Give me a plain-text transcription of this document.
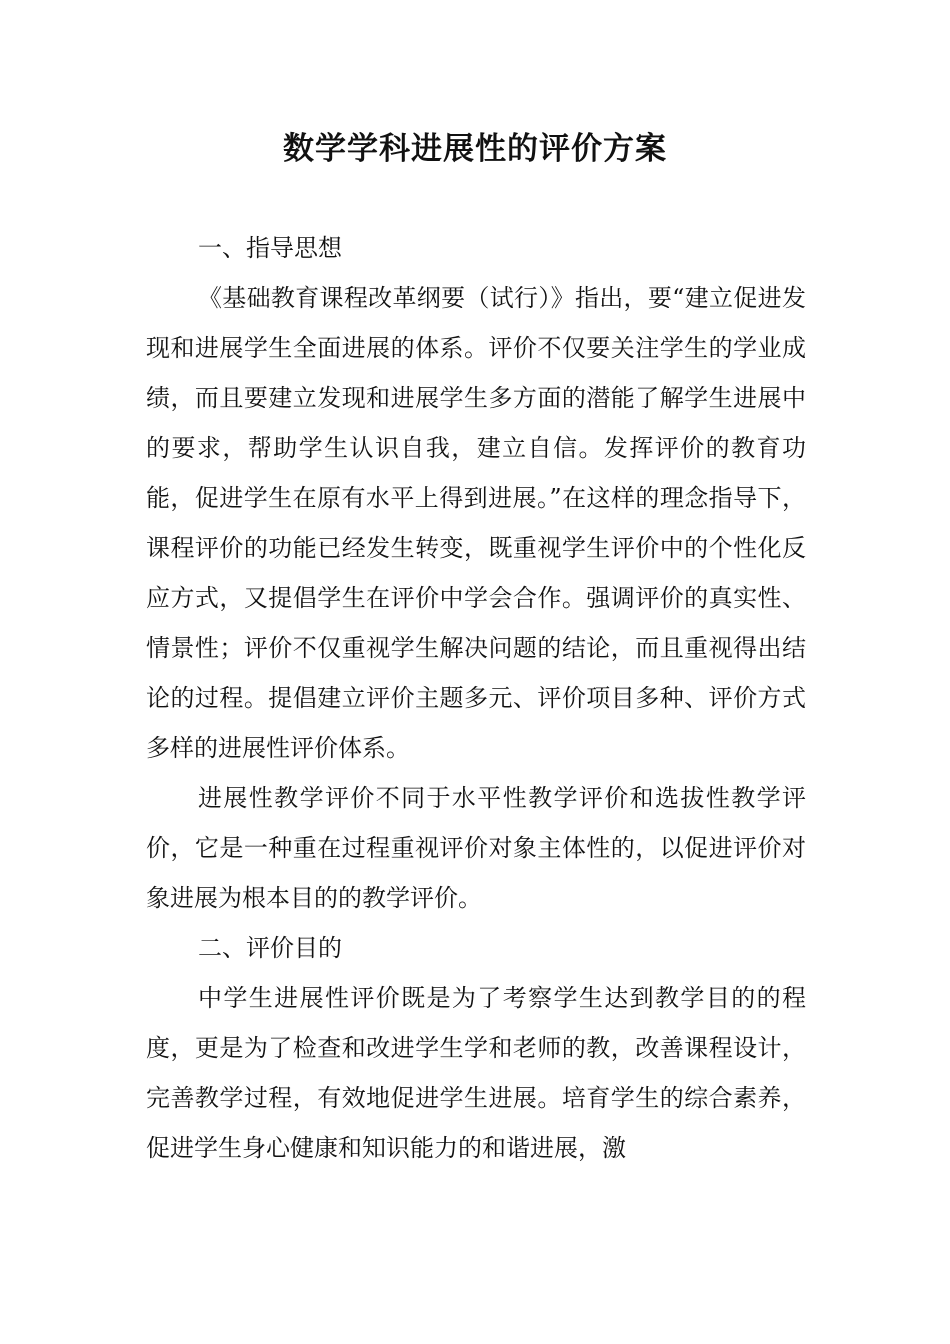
数学学科进展性的评价方案

一、指导思想

《基础教育课程改革纲要（试行）》指出，要“建立促进发现和进展学生全面进展的体系。评价不仅要关注学生的学业成绩，而且要建立发现和进展学生多方面的潜能了解学生进展中的要求，帮助学生认识自我，建立自信。发挥评价的教育功能，促进学生在原有水平上得到进展。”在这样的理念指导下，课程评价的功能已经发生转变，既重视学生评价中的个性化反应方式，又提倡学生在评价中学会合作。强调评价的真实性、情景性；评价不仅重视学生解决问题的结论，而且重视得出结论的过程。提倡建立评价主题多元、评价项目多种、评价方式多样的进展性评价体系。

进展性教学评价不同于水平性教学评价和选拔性教学评价，它是一种重在过程重视评价对象主体性的，以促进评价对象进展为根本目的的教学评价。

二、评价目的

中学生进展性评价既是为了考察学生达到教学目的的程度，更是为了检查和改进学生学和老师的教，改善课程设计，完善教学过程，有效地促进学生进展。培育学生的综合素养，促进学生身心健康和知识能力的和谐进展，激
